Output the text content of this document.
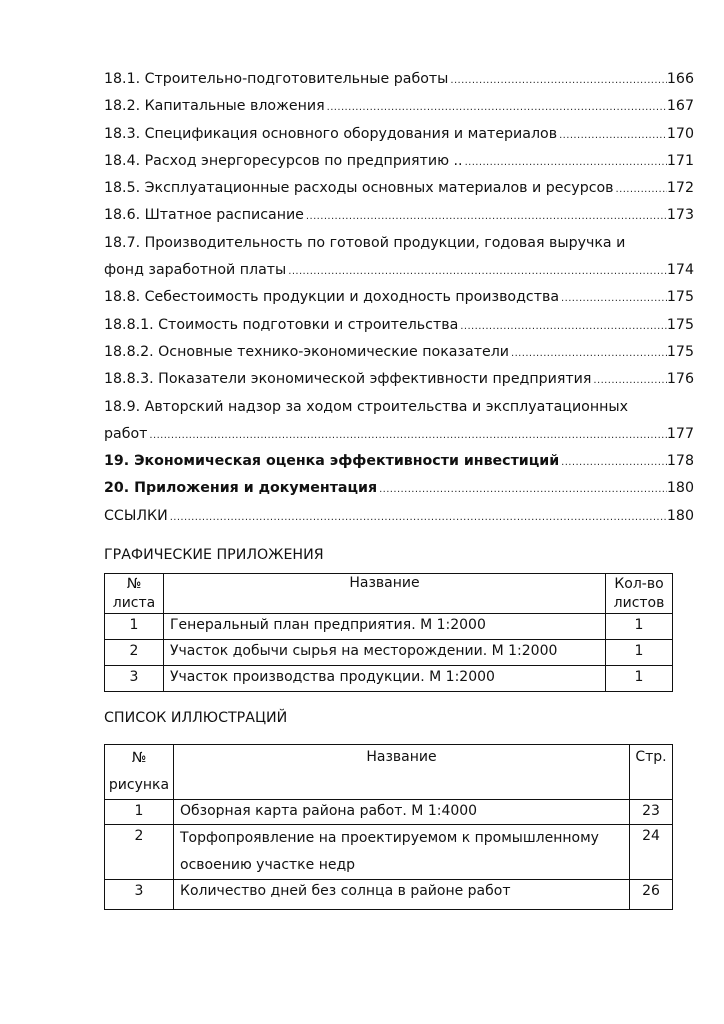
18.1. Строительно-подготовительные работы .....	166
18.2. Капитальные вложения .....	167
18.3. Спецификация основного оборудования и материалов .....	170
18.4. Расход энергоресурсов по предприятию .. .....	171
18.5. Эксплуатационные расходы основных материалов и ресурсов .....	172
18.6. Штатное расписание .....	173
18.7. Производительность по готовой продукции, годовая выручка и
фонд заработной платы .....	174
18.8. Себестоимость продукции и доходность производства .....	175
18.8.1. Стоимость подготовки и строительства .....	175
18.8.2. Основные технико-экономические показатели .....	175
18.8.3. Показатели экономической эффективности предприятия .....	176
18.9. Авторский надзор за ходом строительства и эксплуатационных
работ .....	177
19. Экономическая оценка эффективности инвестиций .....	178
20. Приложения и документация .....	180
ССЫЛКИ .....	180
ГРАФИЧЕСКИЕ ПРИЛОЖЕНИЯ
№ листа	Название	Кол-во листов
1	Генеральный план предприятия. М 1:2000	1
2	Участок добычи сырья на месторождении. М 1:2000	1
3	Участок производства продукции. М 1:2000	1
СПИСОК ИЛЛЮСТРАЦИЙ
№ рисунка	Название	Стр.
1	Обзорная карта района работ. М 1:4000	23
2	Торфопроявление на проектируемом к промышленному освоению участке недр	24
3	Количество дней без солнца в районе работ	26
